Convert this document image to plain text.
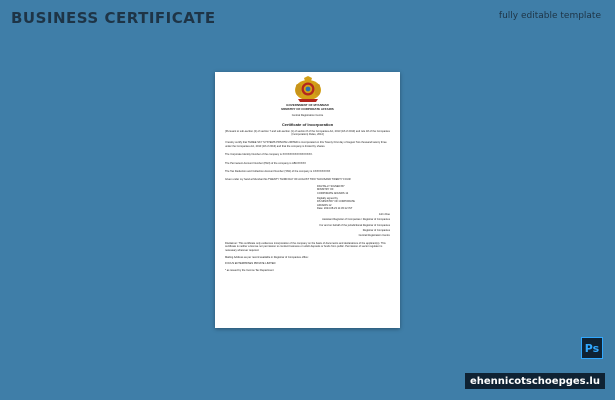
BUSINESS CERTIFICATE	fully editable template
GOVERNMENT OF MYANMAR
MINISTRY OF CORPORATE AFFAIRS
Central Registration Centre
Certificate of Incorporation
[Pursuant to sub-section (2) of section 7 and sub-section (1) of section 8 of the Companies Act, 2013 (18 of 2013) and rule 18 of the Companies (Incorporation) Rules, 2014]
I hereby certify that THREE SKY SYSTEMS PRIVATE LIMITED is incorporated on this Twenty First day of August Two thousand twenty three under the Companies Act, 2013 (18 of 2013) and that the company is limited by shares.
The Corporate Identity Number of the company is XXXXXXXXXXXXXXXXX.
The Permanent Account Number (PAN) of the company is ABCXXXXX
The Tax Deduction and Collection Account Number (TAN) of the company is CXXXXXXXXX
Given under my hand at Mumbai this TWENTY THIRD DAY OF AUGUST TWO THOUSAND TWENTY FOUR
DIGITALLY SIGNED BY
MINISTRY OF
CORPORATE AFFAIRS 12
Digitally signed by
DS MINISTRY OF CORPORATE
AFFAIRS 12
Date: 2024.08.23 11:45:12 IST
John Doe
Assistant Registrar of Companies / Registrar of Companies
For and on behalf of the jurisdictional Registrar of Companies
Registrar of Companies
Central Registration Centre
Disclaimer: This certificate only evidences incorporation of the company on the basis of documents and declarations of the applicant(s). This certificate is neither a license nor permission to conduct business or solicit deposits or funds from public. Permission of sector regulator is necessary wherever required.
Mailing Address as per record available in Registrar of Companies office:
FOCUS ENTERPRISES PRIVATE LIMITED
* as issued by the Income Tax Department
Ps
ehennicotschoepges.lu
